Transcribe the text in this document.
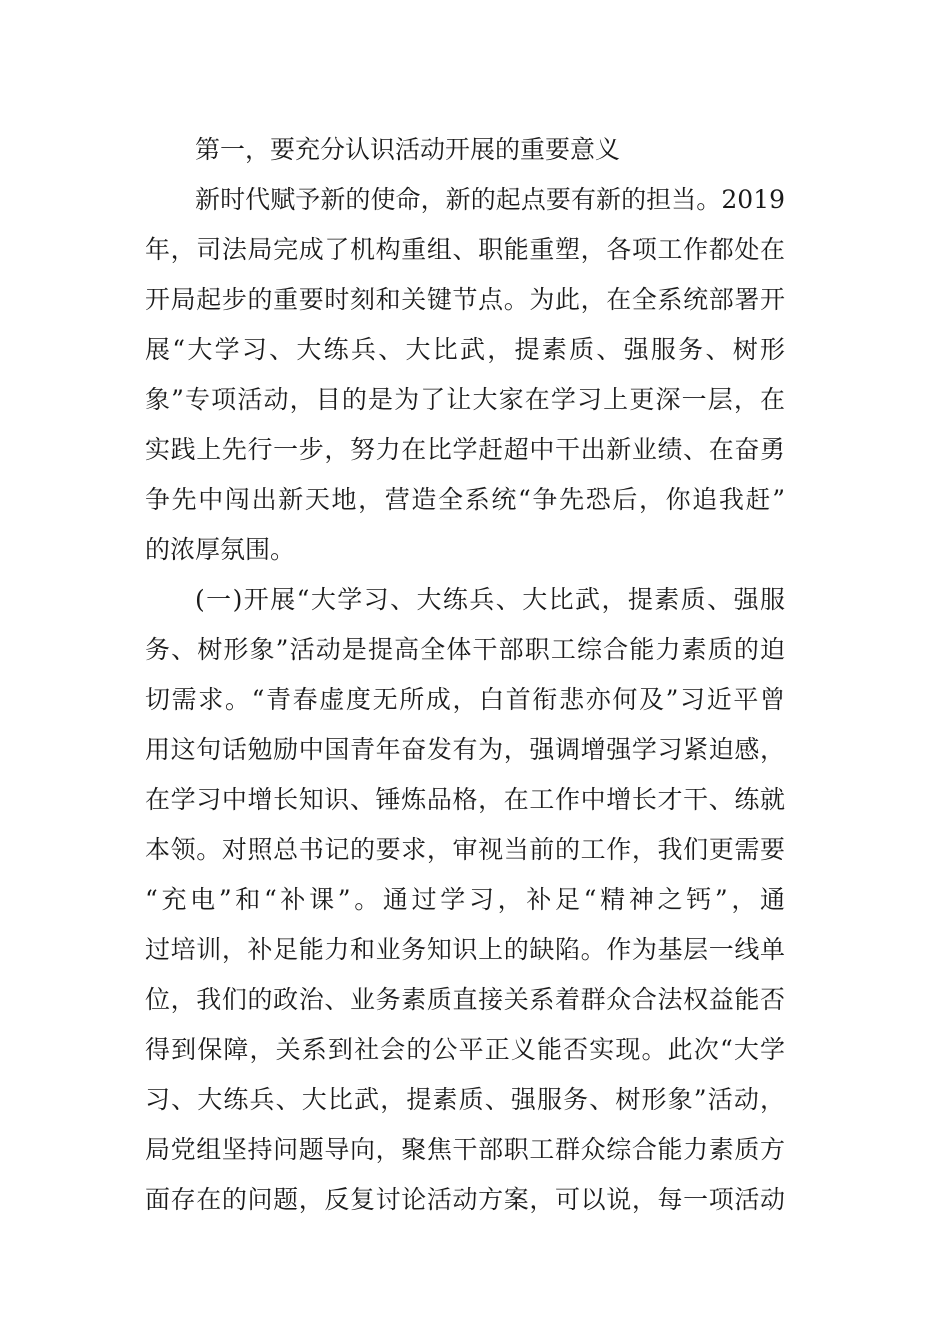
第一，要充分认识活动开展的重要意义
新时代赋予新的使命，新的起点要有新的担当。2019
年，司法局完成了机构重组、职能重塑，各项工作都处在
开局起步的重要时刻和关键节点。为此，在全系统部署开
展“大学习、大练兵、大比武，提素质、强服务、树形
象”专项活动，目的是为了让大家在学习上更深一层，在
实践上先行一步，努力在比学赶超中干出新业绩、在奋勇
争先中闯出新天地，营造全系统“争先恐后，你追我赶”
的浓厚氛围。
(一)开展“大学习、大练兵、大比武，提素质、强服
务、树形象”活动是提高全体干部职工综合能力素质的迫
切需求。“青春虚度无所成，白首衔悲亦何及”习近平曾
用这句话勉励中国青年奋发有为，强调增强学习紧迫感，
在学习中增长知识、锤炼品格，在工作中增长才干、练就
本领。对照总书记的要求，审视当前的工作，我们更需要
“充电”和“补课”。通过学习，补足“精神之钙”，通
过培训，补足能力和业务知识上的缺陷。作为基层一线单
位，我们的政治、业务素质直接关系着群众合法权益能否
得到保障，关系到社会的公平正义能否实现。此次“大学
习、大练兵、大比武，提素质、强服务、树形象”活动，
局党组坚持问题导向，聚焦干部职工群众综合能力素质方
面存在的问题，反复讨论活动方案，可以说，每一项活动
